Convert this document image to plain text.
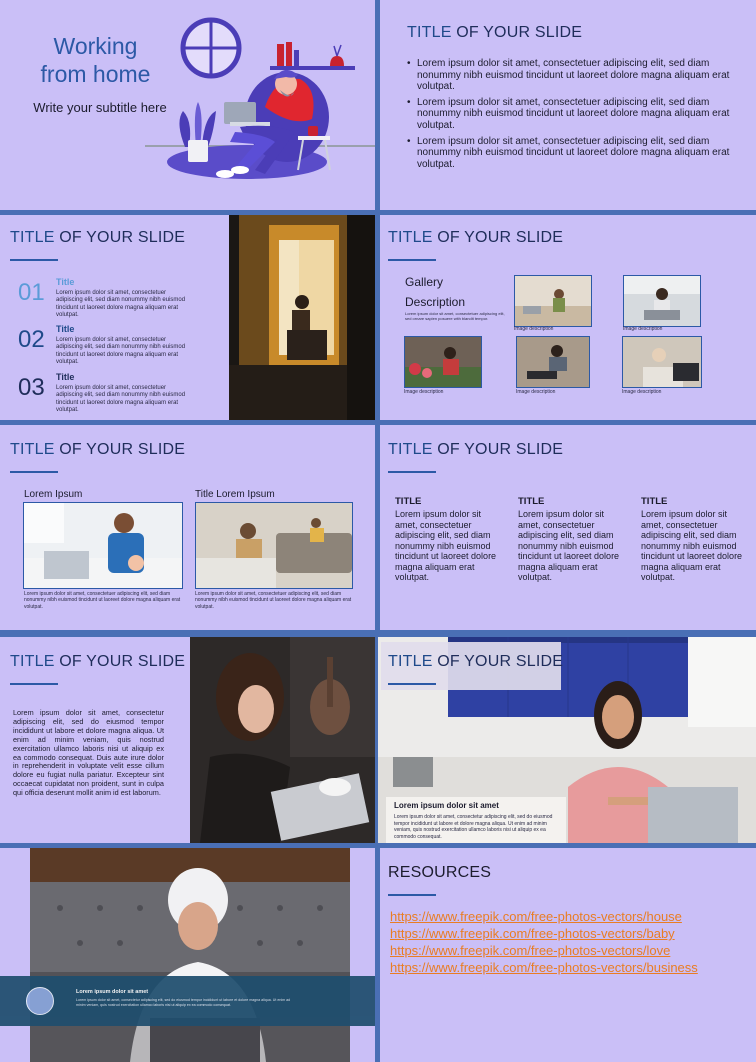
Working
from home
Write your subtitle here
TITLE OF YOUR SLIDE
• Lorem ipsum dolor sit amet, consectetuer adipiscing elit, sed diam nonummy nibh euismod tincidunt ut laoreet dolore magna aliquam erat volutpat.
• Lorem ipsum dolor sit amet, consectetuer adipiscing elit, sed diam nonummy nibh euismod tincidunt ut laoreet dolore magna aliquam erat volutpat.
• Lorem ipsum dolor sit amet, consectetuer adipiscing elit, sed diam nonummy nibh euismod tincidunt ut laoreet dolore magna aliquam erat volutpat.
TITLE OF YOUR SLIDE
01 Title
Lorem ipsum dolor sit amet, consectetuer adipiscing elit, sed diam nonummy nibh euismod tincidunt ut laoreet dolore magna aliquam erat volutpat.
02 Title
Lorem ipsum dolor sit amet, consectetuer adipiscing elit, sed diam nonummy nibh euismod tincidunt ut laoreet dolore magna aliquam erat volutpat.
03 Title
Lorem ipsum dolor sit amet, consectetuer adipiscing elit, sed diam nonummy nibh euismod tincidunt ut laoreet dolore magna aliquam erat volutpat.
TITLE OF YOUR SLIDE
Gallery
Description
Lorem ipsum dolor sit amet, consectetuer adipiscing elit, sed ornare sapien posuere with blandit tempor.
Image description	Image description
Image description	Image description	Image description
TITLE OF YOUR SLIDE
Lorem Ipsum	Title Lorem Ipsum
Lorem ipsum dolor sit amet, consectetuer adipiscing elit, sed diam nonummy nibh euismod tincidunt ut laoreet dolore magna aliquam erat volutpat.
Lorem ipsum dolor sit amet, consectetuer adipiscing elit, sed diam nonummy nibh euismod tincidunt ut laoreet dolore magna aliquam erat volutpat.
TITLE OF YOUR SLIDE
TITLE
Lorem ipsum dolor sit amet, consectetuer adipiscing elit, sed diam nonummy nibh euismod tincidunt ut laoreet dolore magna aliquam erat volutpat.
TITLE
Lorem ipsum dolor sit amet, consectetuer adipiscing elit, sed diam nonummy nibh euismod tincidunt ut laoreet dolore magna aliquam erat volutpat.
TITLE
Lorem ipsum dolor sit amet, consectetuer adipiscing elit, sed diam nonummy nibh euismod tincidunt ut laoreet dolore magna aliquam erat volutpat.
TITLE OF YOUR SLIDE
Lorem ipsum dolor sit amet, consectetur adipiscing elit, sed do eiusmod tempor incididunt ut labore et dolore magna aliqua. Ut enim ad minim veniam, quis nostrud exercitation ullamco laboris nisi ut aliquip ex ea commodo consequat. Duis aute irure dolor in reprehenderit in voluptate velit esse cillum dolore eu fugiat nulla pariatur. Excepteur sint occaecat cupidatat non proident, sunt in culpa qui officia deserunt mollit anim id est laborum.
TITLE OF YOUR SLIDE
Lorem ipsum dolor sit amet
Lorem ipsum dolor sit amet, consectetur adipiscing elit, sed do eiusmod tempor incididunt ut labore et dolore magna aliqua. Ut enim ad minim veniam, quis nostrud exercitation ullamco laboris nisi ut aliquip ex ea commodo consequat.
Lorem ipsum dolor sit amet
Lorem ipsum dolor sit amet, consectetur adipiscing elit, sed do eiusmod tempor incididunt ut labore et dolore magna aliqua. Ut enim ad minim veniam, quis nostrud exercitation ullamco laboris nisi ut aliquip ex ea commodo consequat.
RESOURCES
https://www.freepik.com/free-photos-vectors/house
https://www.freepik.com/free-photos-vectors/baby
https://www.freepik.com/free-photos-vectors/love
https://www.freepik.com/free-photos-vectors/business
